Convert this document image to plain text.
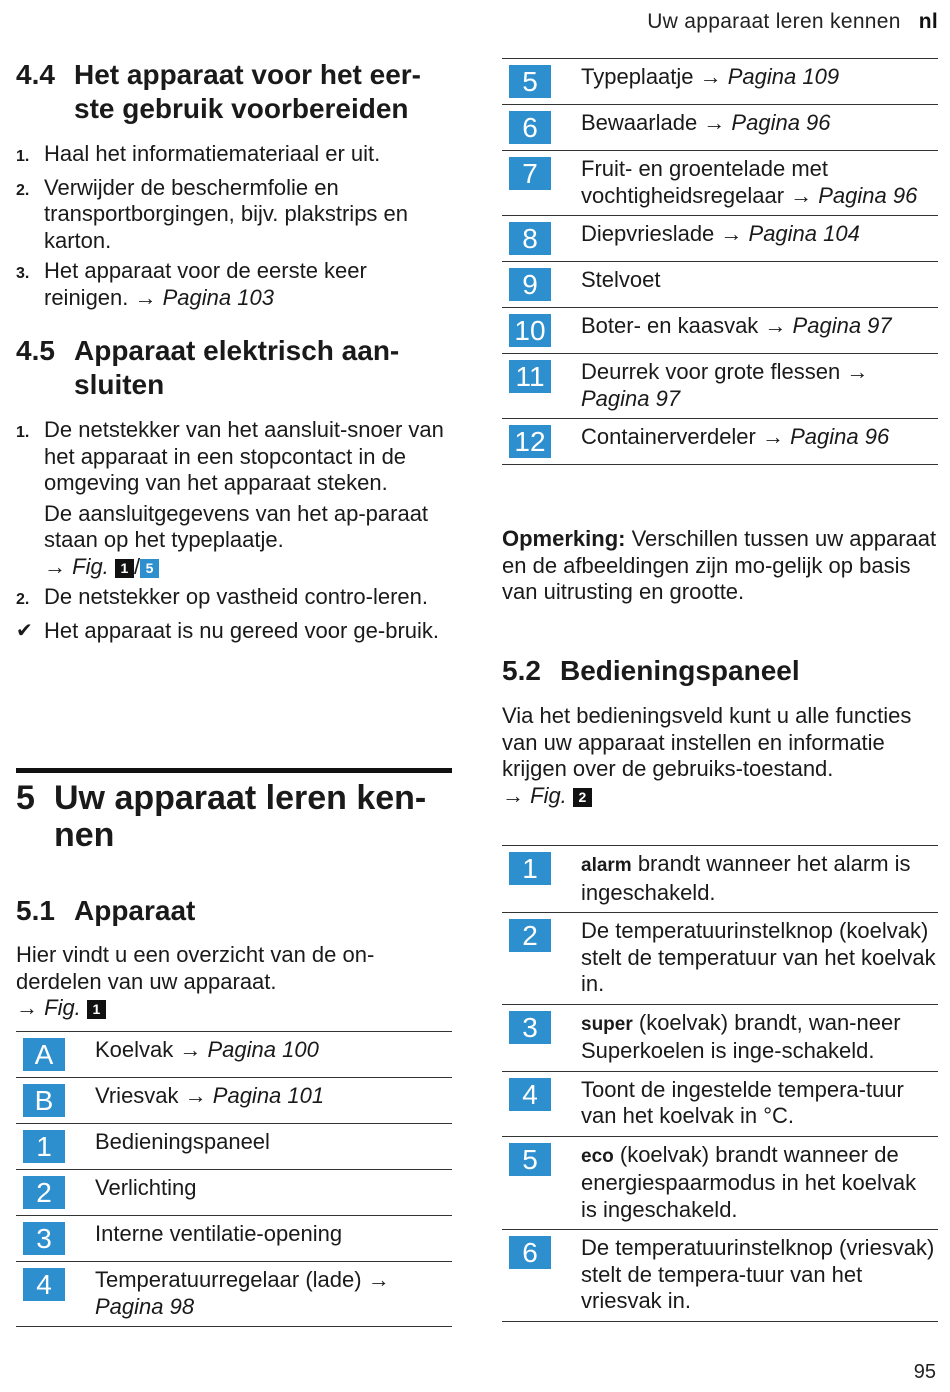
Uw apparaat leren kennen nl
4.4 Het apparaat voor het eer-ste gebruik voorbereiden
1. Haal het informatiemateriaal er uit.
2. Verwijder de beschermfolie en transportborgingen, bijv. plakstrips en karton.
3. Het apparaat voor de eerste keer reinigen. → Pagina 103
4.5 Apparaat elektrisch aan-sluiten
1. De netstekker van het aansluit-snoer van het apparaat in een stopcontact in de omgeving van het apparaat steken.
De aansluitgegevens van het ap-paraat staan op het typeplaatje.
→ Fig. 1 / 5
2. De netstekker op vastheid contro-leren.
✔ Het apparaat is nu gereed voor ge-bruik.
5 Uw apparaat leren ken-nen
5.1 Apparaat
Hier vindt u een overzicht van de on-derdelen van uw apparaat.
→ Fig. 1
A	Koelvak → Pagina 100
B	Vriesvak → Pagina 101
1	Bedieningspaneel
2	Verlichting
3	Interne ventilatie-opening
4	Temperatuurregelaar (lade) → Pagina 98
5	Typeplaatje → Pagina 109
6	Bewaarlade → Pagina 96
7	Fruit- en groentelade met vochtigheidsregelaar → Pagina 96
8	Diepvrieslade → Pagina 104
9	Stelvoet
10	Boter- en kaasvak → Pagina 97
11	Deurrek voor grote flessen → Pagina 97
12	Containerverdeler → Pagina 96
Opmerking: Verschillen tussen uw apparaat en de afbeeldingen zijn mo-gelijk op basis van uitrusting en grootte.
5.2 Bedieningspaneel
Via het bedieningsveld kunt u alle functies van uw apparaat instellen en informatie krijgen over de gebruiks-toestand.
→ Fig. 2
1	alarm brandt wanneer het alarm is ingeschakeld.
2	De temperatuurinstelknop (koelvak) stelt de temperatuur van het koelvak in.
3	super (koelvak) brandt, wan-neer Superkoelen is inge-schakeld.
4	Toont de ingestelde tempera-tuur van het koelvak in °C.
5	eco (koelvak) brandt wanneer de energiespaarmodus in het koelvak is ingeschakeld.
6	De temperatuurinstelknop (vriesvak) stelt de tempera-tuur van het vriesvak in.
95
